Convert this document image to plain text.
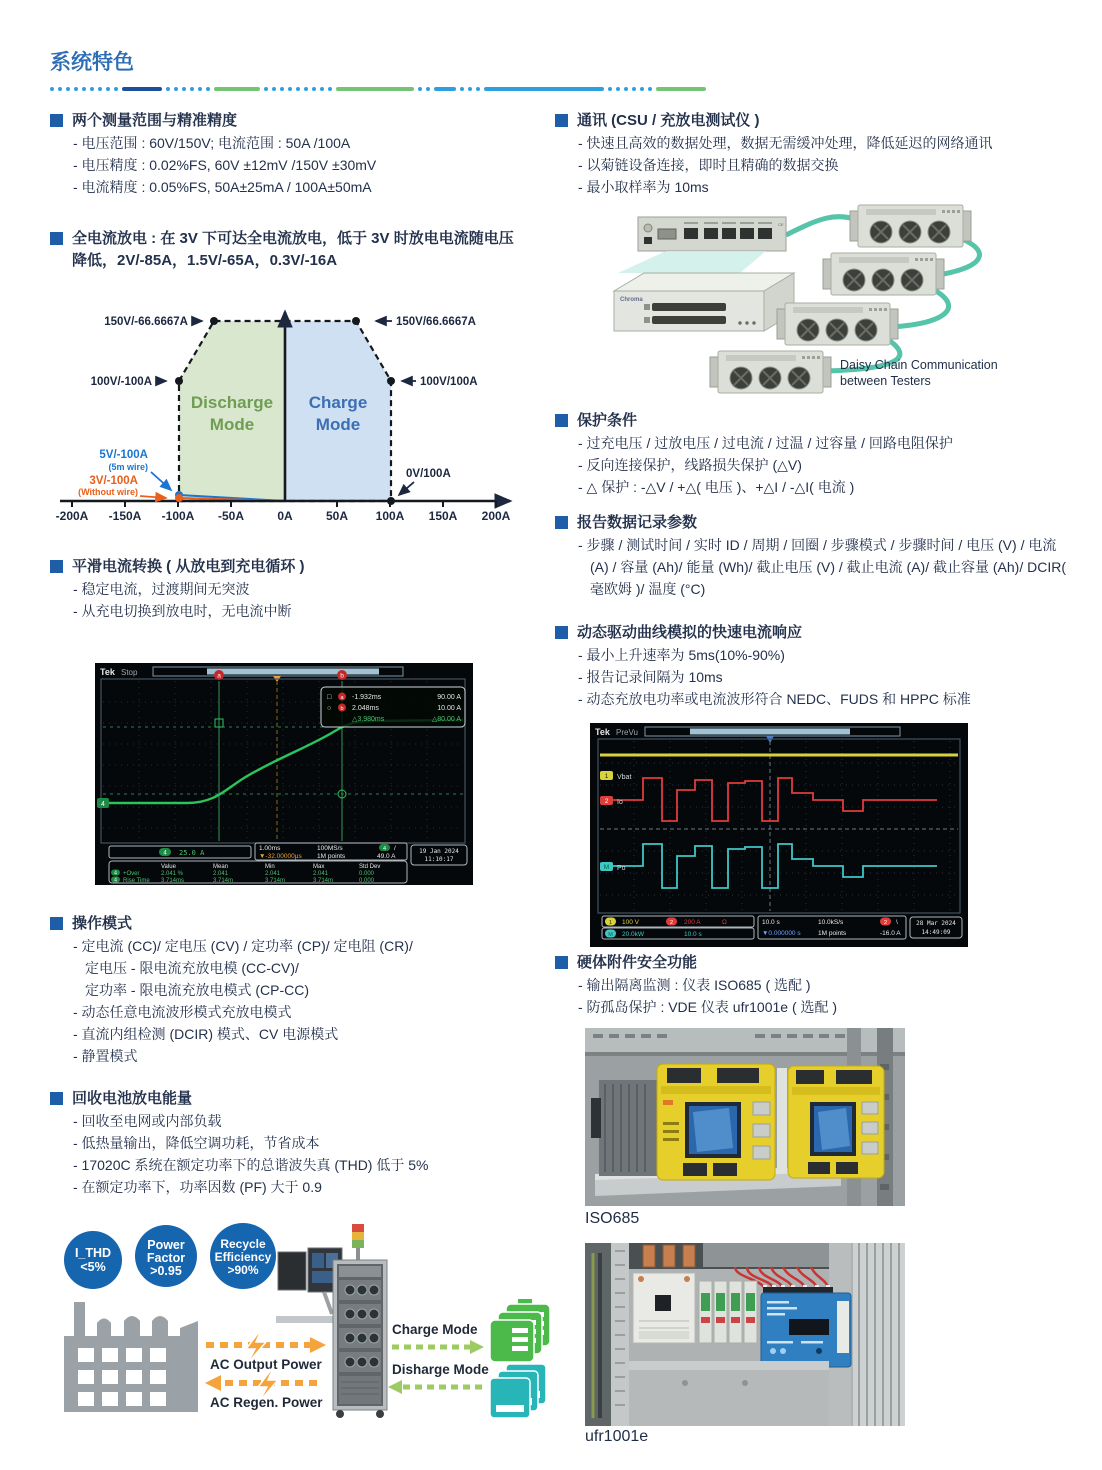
系统特色
两个测量范围与精准精度
- 电压范围 : 60V/150V; 电流范围 : 50A /100A
- 电压精度 : 0.02%FS, 60V ±12mV /150V ±30mV
- 电流精度 : 0.05%FS, 50A±25mA / 100A±50mA
全电流放电 : 在 3V 下可达全电流放电，低于 3V 时放电电流随电压降低，2V/-85A，1.5V/-65A，0.3V/-16A
-200A -150A -100A -50A	0A	50A 100A 150A 200A
150V/-66.6667A
100V/-100A
150V/66.6667A
100V/100A
0V/100A
5V/-100A
(5m wire)
3V/-100A
(Without wire)
Discharge Mode
Charge Mode
平滑电流转换 ( 从放电到充电循环 )
- 稳定电流，过渡期间无突波
- 从充电切换到放电时，无电流中断
Tek Stop	a	b
4
□ a -1.932ms	90.00 A
○ b 2.048ms	10.00 A
△3.980ms	△80.00 A
4 25.0 A
1.00ms	100MS/s	4 /
▼-32.00000μs 1M points	49.0 A
19 Jan 2024
11:10:17
Value	Mean	Min	Max	Std Dev
4 +Over	2.041 %	2.041	2.041	2.041	0.000
4 Rise Time 3.714ms	3.714m	3.714m	3.714m	0.000
操作模式
- 定电流 (CC)/ 定电压 (CV) / 定功率 (CP)/ 定电阻 (CR)/
定电压 - 限电流充放电模 (CC-CV)/
定功率 - 限电流充放电模式 (CP-CC)
- 动态任意电流波形模式充放电模式
- 直流内组检测 (DCIR) 模式、CV 电源模式
- 静置模式
回收电池放电能量
- 回收至电网或内部负载
- 低热量输出，降低空调功耗，节省成本
- 17020C 系统在额定功率下的总谐波失真 (THD) 低于 5%
- 在额定功率下，功率因数 (PF) 大于 0.9
I_THD <5%
Power Factor >0.95
Recycle Efficiency >90%
AC Output Power
AC Regen. Power
Charge Mode
Disharge Mode
通讯 (CSU / 充放电测试仪 )
- 快速且高效的数据处理，数据无需缓冲处理，降低延迟的网络通讯
- 以菊链设备连接，即时且精确的数据交换
- 最小取样率为 10ms
CE
Chroma
Daisy Chain Communication
between Testers
保护条件
- 过充电压 / 过放电压 / 过电流 / 过温 / 过容量 / 回路电阻保护
- 反向连接保护，线路损失保护 (△V)
- △ 保护 : -△V / +△( 电压 )、+△I / -△I( 电流 )
报告数据记录参数
- 步骤 / 测试时间 / 实时 ID / 周期 / 回圈 / 步骤模式 / 步骤时间 / 电压 (V) / 电流 (A) / 容量 (Ah)/ 能量 (Wh)/ 截止电压 (V) / 截止电流 (A)/ 截止容量 (Ah)/ DCIR( 毫欧姆 )/ 温度 (°C)
动态驱动曲线模拟的快速电流响应
- 最小上升速率为 5ms(10%-90%)
- 报告记录间隔为 10ms
- 动态充放电功率或电流波形符合 NEDC、FUDS 和 HPPC 标准
Tek PreVu
1 Vbat
2 Io
M Po
1 100 V	2 200 A	Ω
M 20.0kW	10.0 s
10.0 s	10.0kS/s	2 \
▼0.000000 s	1M points	-16.0 A
28 Mar 2024
14:49:09
硬体附件安全功能
- 输出隔离监测 : 仪表 ISO685 ( 选配 )
- 防孤岛保护 : VDE 仪表 ufr1001e ( 选配 )
ISO685
ufr1001e
